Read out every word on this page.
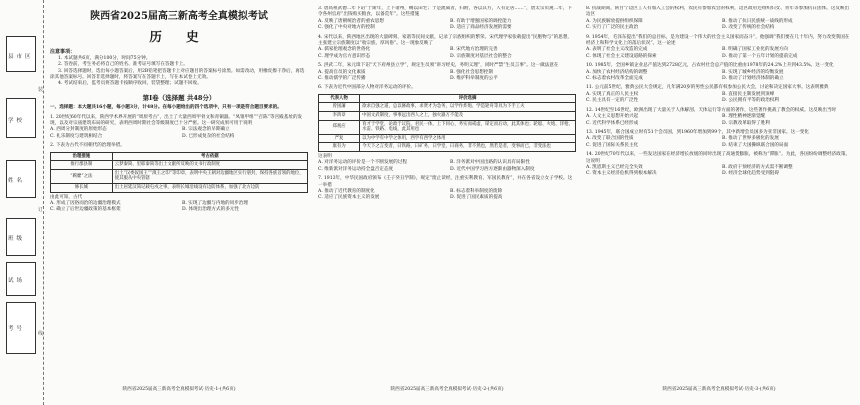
县市区
学校
姓名
班级
试场
考号
装
订
线
陕西省2025届高三新高考全真模拟考试
历 史
注意事项：

1. 本试题共6页，满分100分，时间75分钟。

2. 答卷前，考生务必将自己的姓名、准考证号填写在答题卡上。

3. 回答选择题时，选出每小题答案后，用2B铅笔把答题卡上对应题目的答案标号涂黑。如需改动，用橡皮擦干净后，再选涂其他答案标号。回答非选择题时，将答案写在答题卡上，写在本试卷上无效。

4. 考试结束后，监考员将答题卡按顺序收回，装袋整理；试题不回收。

第Ⅰ卷（选择题 共48分）
一、选择题：本大题共16小题，每小题3分，计48分。在每小题给出的四个选项中，只有一项是符合题目要求的。

1. 20世纪60年代以来，陕西学术界开展的“周原考古”，出土了大量西周甲骨文和青铜器。“凤雏甲组”“召陈”等宫殿基址的发现，以及对宗庙建筑布局的研究，表明西周时期社会等级制度已十分严密。这一研究成果可用于说明

A. 西周分封制度的原始形态	B. 宗法观念的早期确立
C. 礼乐制度与建筑相结合	D. 已形成复杂的社会结构

2. 下表为古代不同朝代的治理举措。

治理措施	考古依据
推行郡县制	云梦秦简、里耶秦简等出土文献所反映的文书行政制度
“羁縻”之法	出土“汉委奴国王”“滇王之印”等印章，表明中央王朝对边疆地区实行册封，保持各族首领的地位，使其服从中央管辖
修长城	出土居延汉简记载屯戍之事，表明长城沿线设有边防体系，加强了北方边防

由此可知，古代

A. 形成了因俗而治的边疆治理模式	B. 实现了边疆与内地的同步治理
C. 确立了后世边疆政策的基本框架	D. 体现出治理方式的多元性

3. 唐高祖武德二年下诏“于斯年，上下诸州，赐以田宅；于是流离者，归附，各以其方，人有定居……”，唐太宗贞观二年，下令各州官府“出钱购买粮食，以备荒年”。这些措施

A. 反映了唐朝统治者的重农思想	B. 有助于增强国家的调控能力
C. 强化了中央对地方的控制	D. 适应了商品经济发展的需要

4. 宋代以来，陕西地区出现的大量碑刻、家谱等民间文献，记录了宗族组织的繁荣。宋代理学家张载提出“民胞物与”的思想，主张建立宗族制度以“收宗族、厚风俗”。这一现象反映了

A. 儒家伦理观念的世俗化	B. 宋代地方治理的完善
C. 理学成为官方意识形态	D. 宗族制度对基层社会的整合

5. 洪武二年，朱元璋下诏“天下府州县立学”，规定生员须“讲习经史，务明义理”，同时严禁“生员言事”。这一做法意在

A. 提高官员的文化素质	B. 强化社会思想控制
C. 推动儒学的广泛传播	D. 维护科举制度的公平

6. 下表为近代中国部分人物对洋务运动的评价。

代表人物	评价选摘
曾国藩	欲求自强之道，总以修政事、求贤才为急务，以学作炸炮、学造轮舟等具为下手工夫
李鸿章	中国文武制度，事事远出西人之上，独火器万不能及
郑观应	育才于学堂，论政于议院，君民一体，上下同心，务实而戒虚，谋定而后动，此其体也；轮船、火炮、洋枪、水雷、铁路、电线，此其用也
严复	以为中学有中学之体用，西学有西学之体用
康有为	今天下之言变者，曰铁路，曰矿务，曰学堂，曰商务，非不然也，然若是者，变事而已，非变法也

这表明

A. 对洋务运动的评价是一个不断发展的过程	B. 洋务派对中国出路的认识具有局限性
C. 维新派对洋务运动持全盘否定态度	D. 近代中国学习西方逐渐由器物深入制度

7. 1913年，中华民国政府颁布《壬子癸丑学制》，规定“废止读经，注重实利教育、军国民教育”，并在各省设立女子学校。这一举措

A. 推动了近代教育的制度化	B. 标志着科举制度的废除
C. 适应了民族资本主义的发展	D. 促进了国民素质的提高

8. 抗战期间，陕甘宁边区工人有加入工会的权利，农民有参加农会的权利，边区政府还组织妇女、青年等参加抗日团体。这反映出边区

A. 为民族解放提供组织保障	B. 推动了抗日民族统一战线的形成
C. 实行了广泛的民主政治	D. 改变了传统的社会结构

9. 1954年，毛泽东提出“我们的总目标，是为建设一个伟大的社会主义国家而奋斗”，他强调“我们要在几十年内，努力改变我国在经济上和科学文化上的落后状况”。这一论述

A. 表明了社会主义改造的完成	B. 明确了国家工业化的发展方向
C. 体现了社会主义建设道路的探索	D. 推动了第一个五年计划的提前完成

10. 1985年，全国乡镇企业总产值达到2728亿元，占农村社会总产值的比重由1978年的24.2%上升到43.5%。这一变化

A. 加快了农村经济结构的调整	B. 实现了城乡经济的均衡发展
C. 标志着农村改革全面完成	D. 推动了计划经济体制的确立

11. 公元前5世纪，雅典公民大会规定，凡年满20岁的男性公民都有权参加公民大会，讨论和决定国家大事。这表明雅典

A. 实现了真正的人民主权	B. 直接民主制发展到顶峰
C. 民主具有一定的广泛性	D. 公民拥有平等的政治权利

12. 14世纪至16世纪，欧洲出现了大量关于人体解剖、天体运行等方面的著作，这些著作挑战了教会的权威。这反映出当时

A. 人文主义思想开始兴起	B. 理性精神逐渐觉醒
C. 近代科学体系已经形成	D. 宗教改革取得了胜利

13. 1945年，联合国成立时有51个会员国，到1960年增加到99个，其中新增会员国多为亚非国家。这一变化

A. 改变了联合国的性质	B. 推动了世界多极化的发展
C. 促进了国际关系民主化	D. 结束了大国操纵联合国的局面

14. 20世纪70年代以来，一些发达国家在经济增长放缓的同时出现了高通货膨胀，被称为“滞胀”。为此，各国纷纷调整经济政策。这说明

A. 凯恩斯主义已经完全失效	B. 政府干预经济的方式需不断调整
C. 资本主义经济危机得到根本解决	D. 经济全球化趋势受到阻碍
陕西省2025届高三新高考全真模拟考试·历史-1-(共6页)	陕西省2025届高三新高考全真模拟考试·历史-2-(共6页)	陕西省2025届高三新高考全真模拟考试·历史-3-(共6页)
